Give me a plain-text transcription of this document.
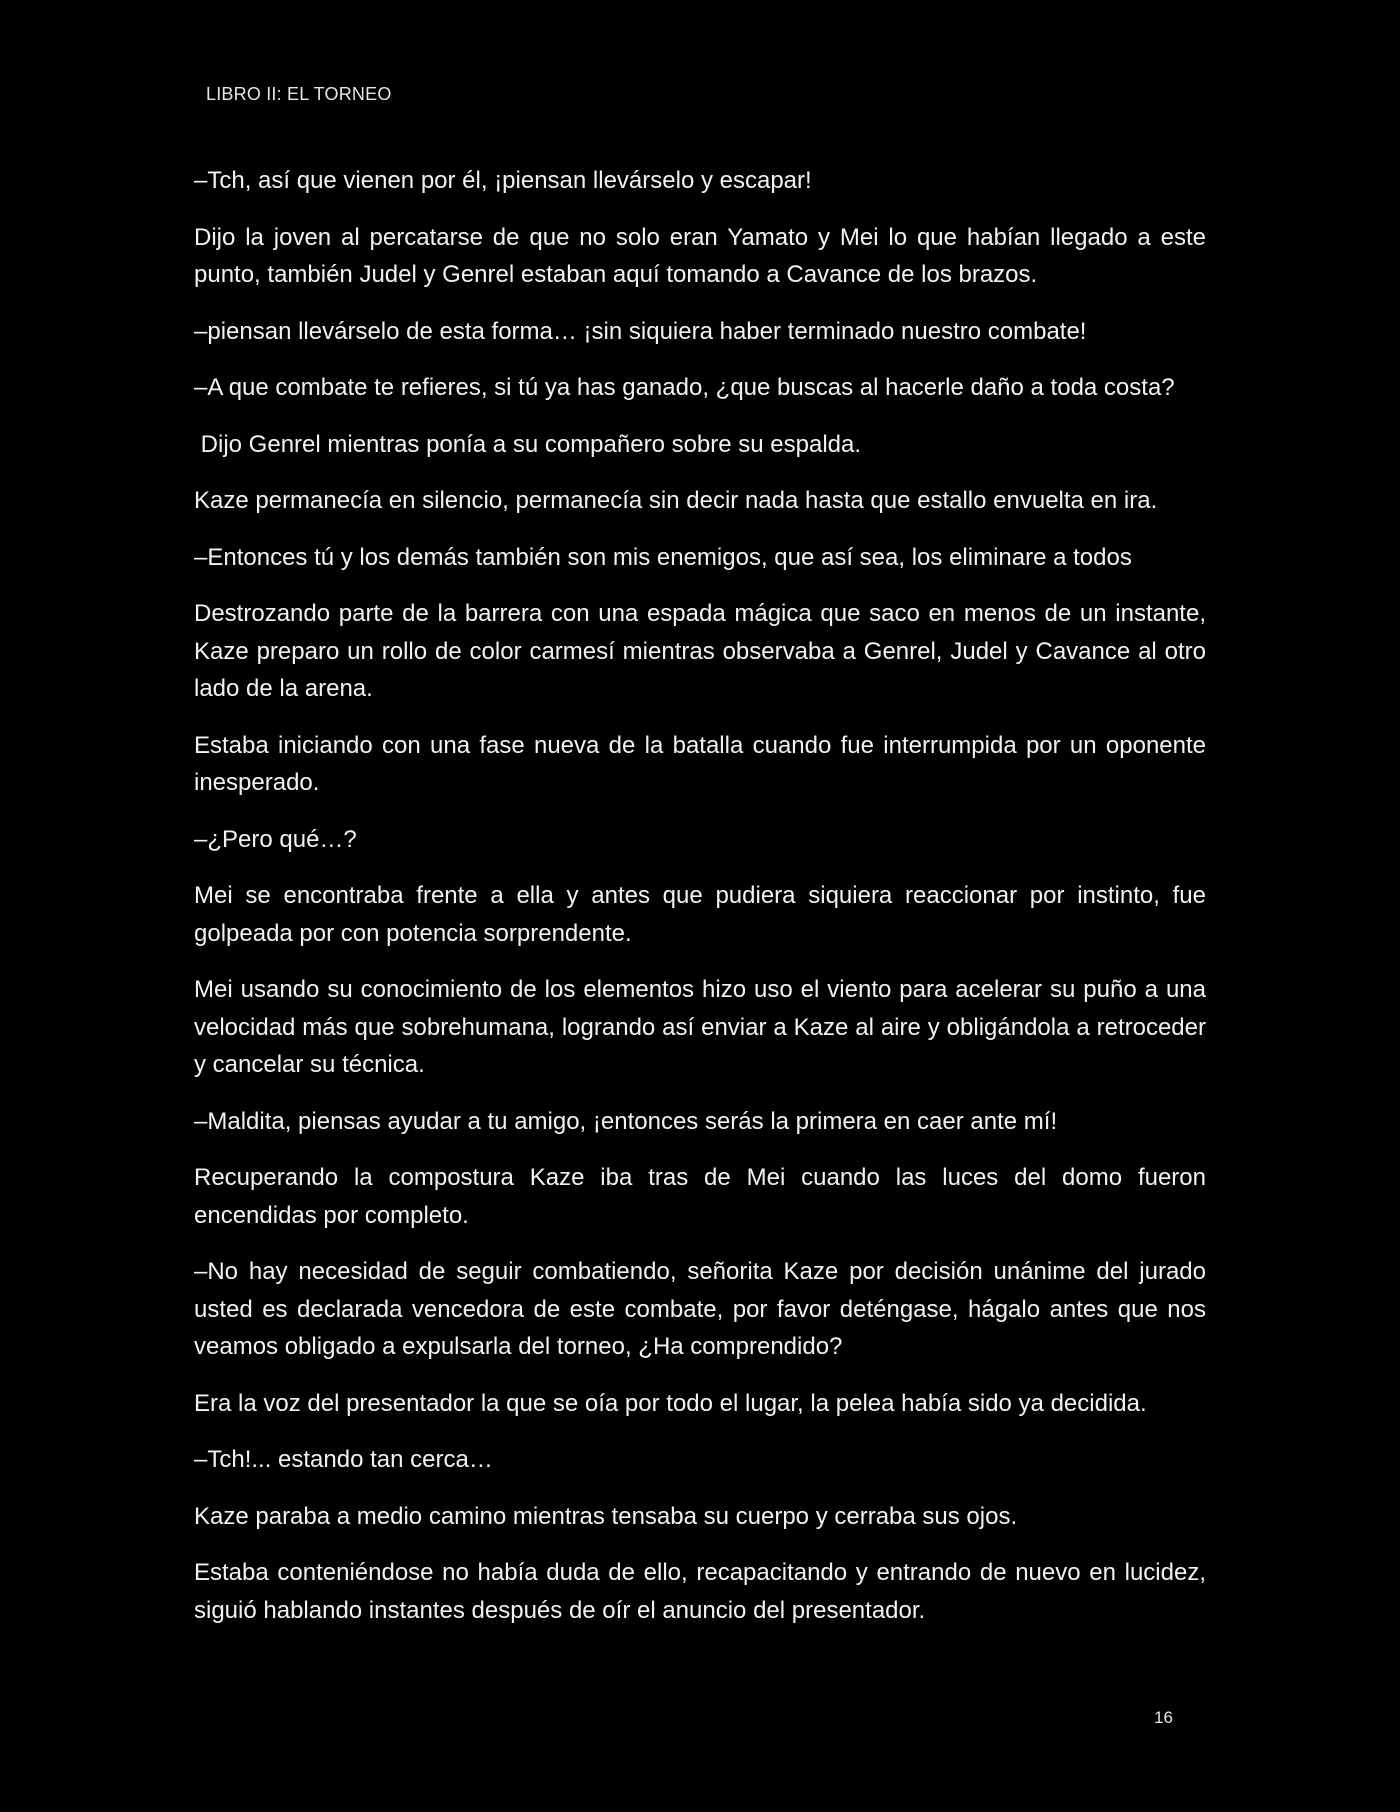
LIBRO II: EL TORNEO

–Tch, así que vienen por él, ¡piensan llevárselo y escapar!

Dijo la joven al percatarse de que no solo eran Yamato y Mei lo que habían llegado a este punto, también Judel y Genrel estaban aquí tomando a Cavance de los brazos.

–piensan llevárselo de esta forma… ¡sin siquiera haber terminado nuestro combate!

–A que combate te refieres, si tú ya has ganado, ¿que buscas al hacerle daño a toda costa?

Dijo Genrel mientras ponía a su compañero sobre su espalda.

Kaze permanecía en silencio, permanecía sin decir nada hasta que estallo envuelta en ira.

–Entonces tú y los demás también son mis enemigos, que así sea, los eliminare a todos

Destrozando parte de la barrera con una espada mágica que saco en menos de un instante, Kaze preparo un rollo de color carmesí mientras observaba a Genrel, Judel y Cavance al otro lado de la arena.

Estaba iniciando con una fase nueva de la batalla cuando fue interrumpida por un oponente inesperado.

–¿Pero qué…?

Mei se encontraba frente a ella y antes que pudiera siquiera reaccionar por instinto, fue golpeada por con potencia sorprendente.

Mei usando su conocimiento de los elementos hizo uso el viento para acelerar su puño a una velocidad más que sobrehumana, logrando así enviar a Kaze al aire y obligándola a retroceder y cancelar su técnica.

–Maldita, piensas ayudar a tu amigo, ¡entonces serás la primera en caer ante mí!

Recuperando la compostura Kaze iba tras de Mei cuando las luces del domo fueron encendidas por completo.

–No hay necesidad de seguir combatiendo, señorita Kaze por decisión unánime del jurado usted es declarada vencedora de este combate, por favor deténgase, hágalo antes que nos veamos obligado a expulsarla del torneo, ¿Ha comprendido?

Era la voz del presentador la que se oía por todo el lugar, la pelea había sido ya decidida.

–Tch!... estando tan cerca…

Kaze paraba a medio camino mientras tensaba su cuerpo y cerraba sus ojos.

Estaba conteniéndose no había duda de ello, recapacitando y entrando de nuevo en lucidez, siguió hablando instantes después de oír el anuncio del presentador.

16
